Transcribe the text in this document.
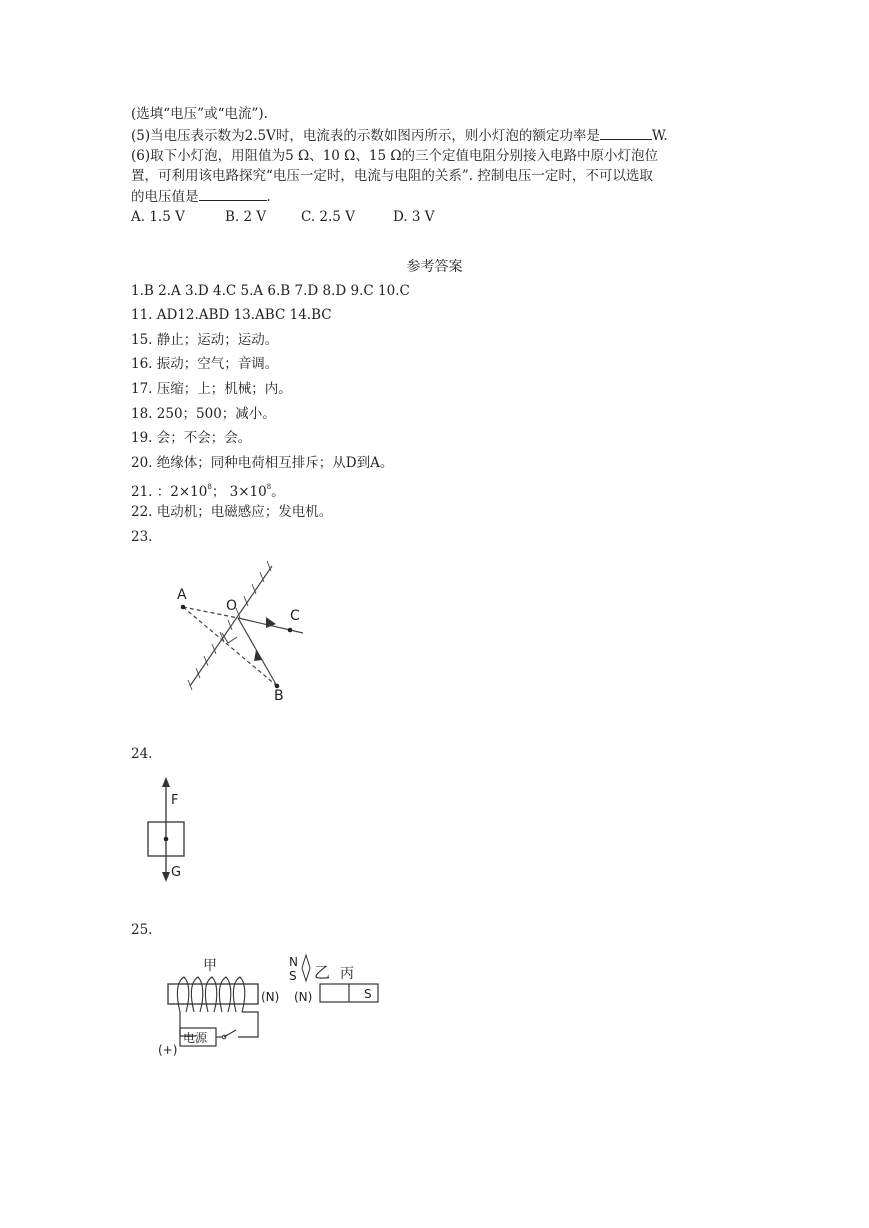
(选填“电压”或“电流”).
(5)当电压表示数为2.5V时，电流表的示数如图丙所示，则小灯泡的额定功率是	W.
(6)取下小灯泡，用阻值为5 Ω、10 Ω、15 Ω的三个定值电阻分别接入电路中原小灯泡位
置，可利用该电路探究“电压一定时，电流与电阻的关系”. 控制电压一定时，不可以选取
的电压值是	.
A. 1.5 V	B. 2 V	C. 2.5 V	D. 3 V
参考答案
1.B 2.A 3.D 4.C 5.A 6.B 7.D 8.D 9.C 10.C
11. AD12.ABD 13.ABC 14.BC
15. 静止；运动；运动。
16. 振动；空气；音调。
17. 压缩；上；机械；内。
18. 250；500；减小。
19. 会；不会；会。
20. 绝缘体；同种电荷相互排斥；从D到A。
21. ：$2\times 10^8$； $3\times 10^8$。
22. 电动机；电磁感应；发电机。
23.
A
O
C
B
24.
F
G
25.
电源
(+)
甲
(N) (N)
N
S 乙 丙
S
